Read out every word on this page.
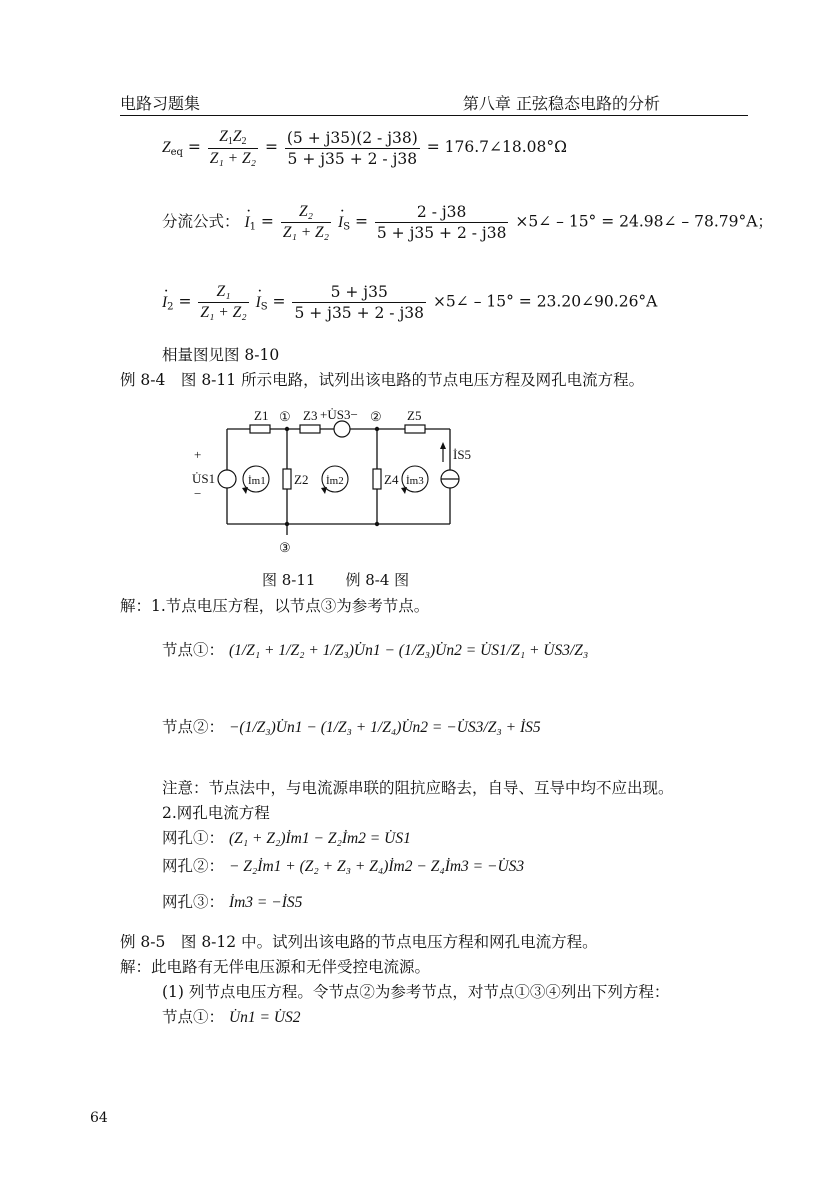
电路习题集	第八章 正弦稳态电路的分析
$Z_{eq} = \frac{Z_1Z_2}{\text{Z₁ + Z₂}} = \frac{(5 + j35)(2 - j38)}{5 + j35 + 2 - j38}$ = 176.7∠18.08°Ω
分流公式： · $I_1 = \frac{\text{Z₂}}{\text{Z₁ + Z₂}}$
· $I_S = \frac{2 - j38}{5 + j35 + 2 - j38}$ ×5∠ – 15° = 24.98∠ – 78.79°A；
· $I_2 = \frac{\text{Z₁}}{\text{Z₁ + Z₂}}$
· $I_S = \frac{5 + j35}{5 + j35 + 2 - j38}$ ×5∠ – 15° = 23.20∠90.26°A
相量图见图 8-10
例 8-4　图 8-11 所示电路，试列出该电路的节点电压方程及网孔电流方程。
Z1 ① Z3 +U̇S3− ② Z5
İS5
+
U̇S1
−
Z2	Z4
İm1	İm2	İm3
③
图 8-11　　例 8-4 图
解：1.节点电压方程，以节点③为参考节点。
节点①： (1/Z₁ + 1/Z₂ + 1/Z₃)U̇n1 − (1/Z₃)U̇n2 = U̇S1/Z₁ + U̇S3/Z₃
节点②： −(1/Z₃)U̇n1 − (1/Z₃ + 1/Z₄)U̇n2 = −U̇S3/Z₃ + İS5
注意：节点法中，与电流源串联的阻抗应略去，自导、互导中均不应出现。
2.网孔电流方程
网孔①： (Z₁ + Z₂)İm1 − Z₂İm2 = U̇S1
网孔②： − Z₂İm1 + (Z₂ + Z₃ + Z₄)İm2 − Z₄İm3 = −U̇S3
网孔③： İm3 = −İS5
例 8-5　图 8-12 中。试列出该电路的节点电压方程和网孔电流方程。
解：此电路有无伴电压源和无伴受控电流源。
(1) 列节点电压方程。令节点②为参考节点，对节点①③④列出下列方程：
节点①： U̇n1 = U̇S2
64
